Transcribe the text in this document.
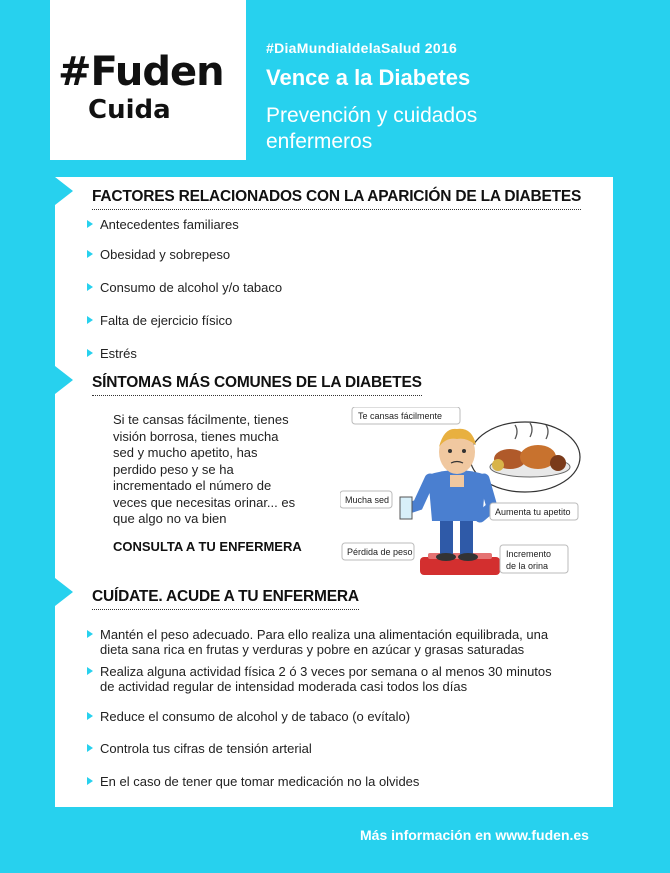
#Fuden
Cuida
#DiaMundialdelaSalud 2016
Vence a la Diabetes
Prevención y cuidados enfermeros
FACTORES RELACIONADOS CON LA APARICIÓN DE LA DIABETES
Antecedentes familiares
Obesidad y sobrepeso
Consumo de alcohol y/o tabaco
Falta de ejercicio físico
Estrés
SÍNTOMAS MÁS COMUNES DE LA DIABETES
Si te cansas fácilmente, tienes visión borrosa, tienes mucha sed y mucho apetito, has perdido peso y se ha incrementado el número de veces que necesitas orinar... es que algo no va bien
CONSULTA A TU ENFERMERA
Te cansas fácilmente
Mucha sed
Aumenta tu apetito
Pérdida de peso	Incremento
de la orina
CUÍDATE. ACUDE A TU ENFERMERA
Mantén el peso adecuado. Para ello realiza una alimentación equilibrada, una
dieta sana rica en frutas y verduras y pobre en azúcar y grasas saturadas
Realiza alguna actividad física 2 ó 3 veces por semana o al menos 30 minutos
de actividad regular de intensidad moderada casi todos los días
Reduce el consumo de alcohol y de tabaco (o evítalo)
Controla tus cifras de tensión arterial
En el caso de tener que tomar medicación no la olvides
Más información en www.fuden.es
